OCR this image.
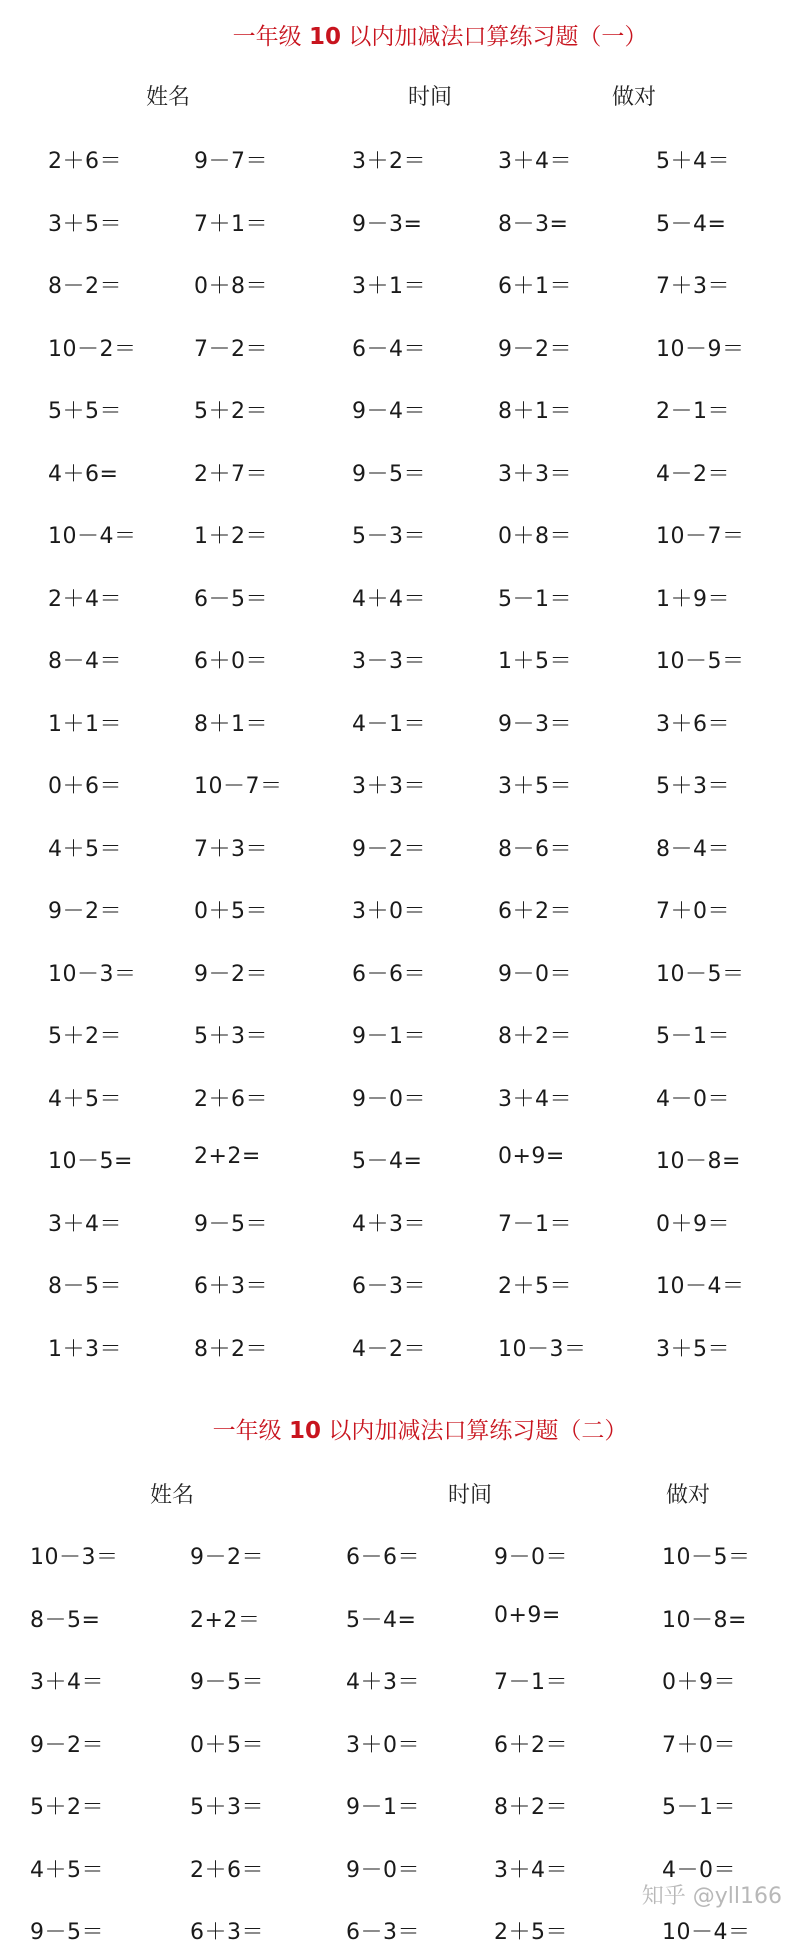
一年级 10 以内加减法口算练习题（一）
姓名	时间	做对
2＋6＝	9－7＝	3＋2＝	3＋4＝	5＋4＝
3＋5＝	7＋1＝	9－3=	8－3=	5－4=
8－2＝	0＋8＝	3＋1＝	6＋1＝	7＋3＝
10－2＝	7－2＝	6－4＝	9－2＝	10－9＝
5＋5＝	5＋2＝	9－4＝	8＋1＝	2－1＝
4＋6=	2＋7＝	9－5＝	3＋3＝	4－2＝
10－4＝	1＋2＝	5－3＝	0＋8＝	10－7＝
2＋4＝	6－5＝	4＋4＝	5－1＝	1＋9＝
8－4＝	6＋0＝	3－3＝	1＋5＝	10－5＝
1＋1＝	8＋1＝	4－1＝	9－3＝	3＋6＝
0＋6＝	10－7＝	3＋3＝	3＋5＝	5＋3＝
4＋5＝	7＋3＝	9－2＝	8－6＝	8－4＝
9－2＝	0＋5＝	3＋0＝	6＋2＝	7＋0＝
10－3＝	9－2＝	6－6＝	9－0＝	10－5＝
5＋2＝	5＋3＝	9－1＝	8＋2＝	5－1＝
4＋5＝	2＋6＝	9－0＝	3＋4＝	4－0＝
10－5=	2+2=	5－4=	0+9=	10－8=
3＋4＝	9－5＝	4＋3＝	7－1＝	0＋9＝
8－5＝	6＋3＝	6－3＝	2＋5＝	10－4＝
1＋3＝	8＋2＝	4－2＝	10－3＝	3＋5＝
一年级 10 以内加减法口算练习题（二）
姓名	时间	做对
10－3＝	9－2＝	6－6＝	9－0＝	10－5＝
8－5=	2+2＝	5－4=	0+9=	10－8=
3＋4＝	9－5＝	4＋3＝	7－1＝	0＋9＝
9－2＝	0＋5＝	3＋0＝	6＋2＝	7＋0＝
5＋2＝	5＋3＝	9－1＝	8＋2＝	5－1＝
4＋5＝	2＋6＝	9－0＝	3＋4＝	4－0＝
9－5＝	6＋3＝	6－3＝	2＋5＝	10－4＝
知乎 @yll166
